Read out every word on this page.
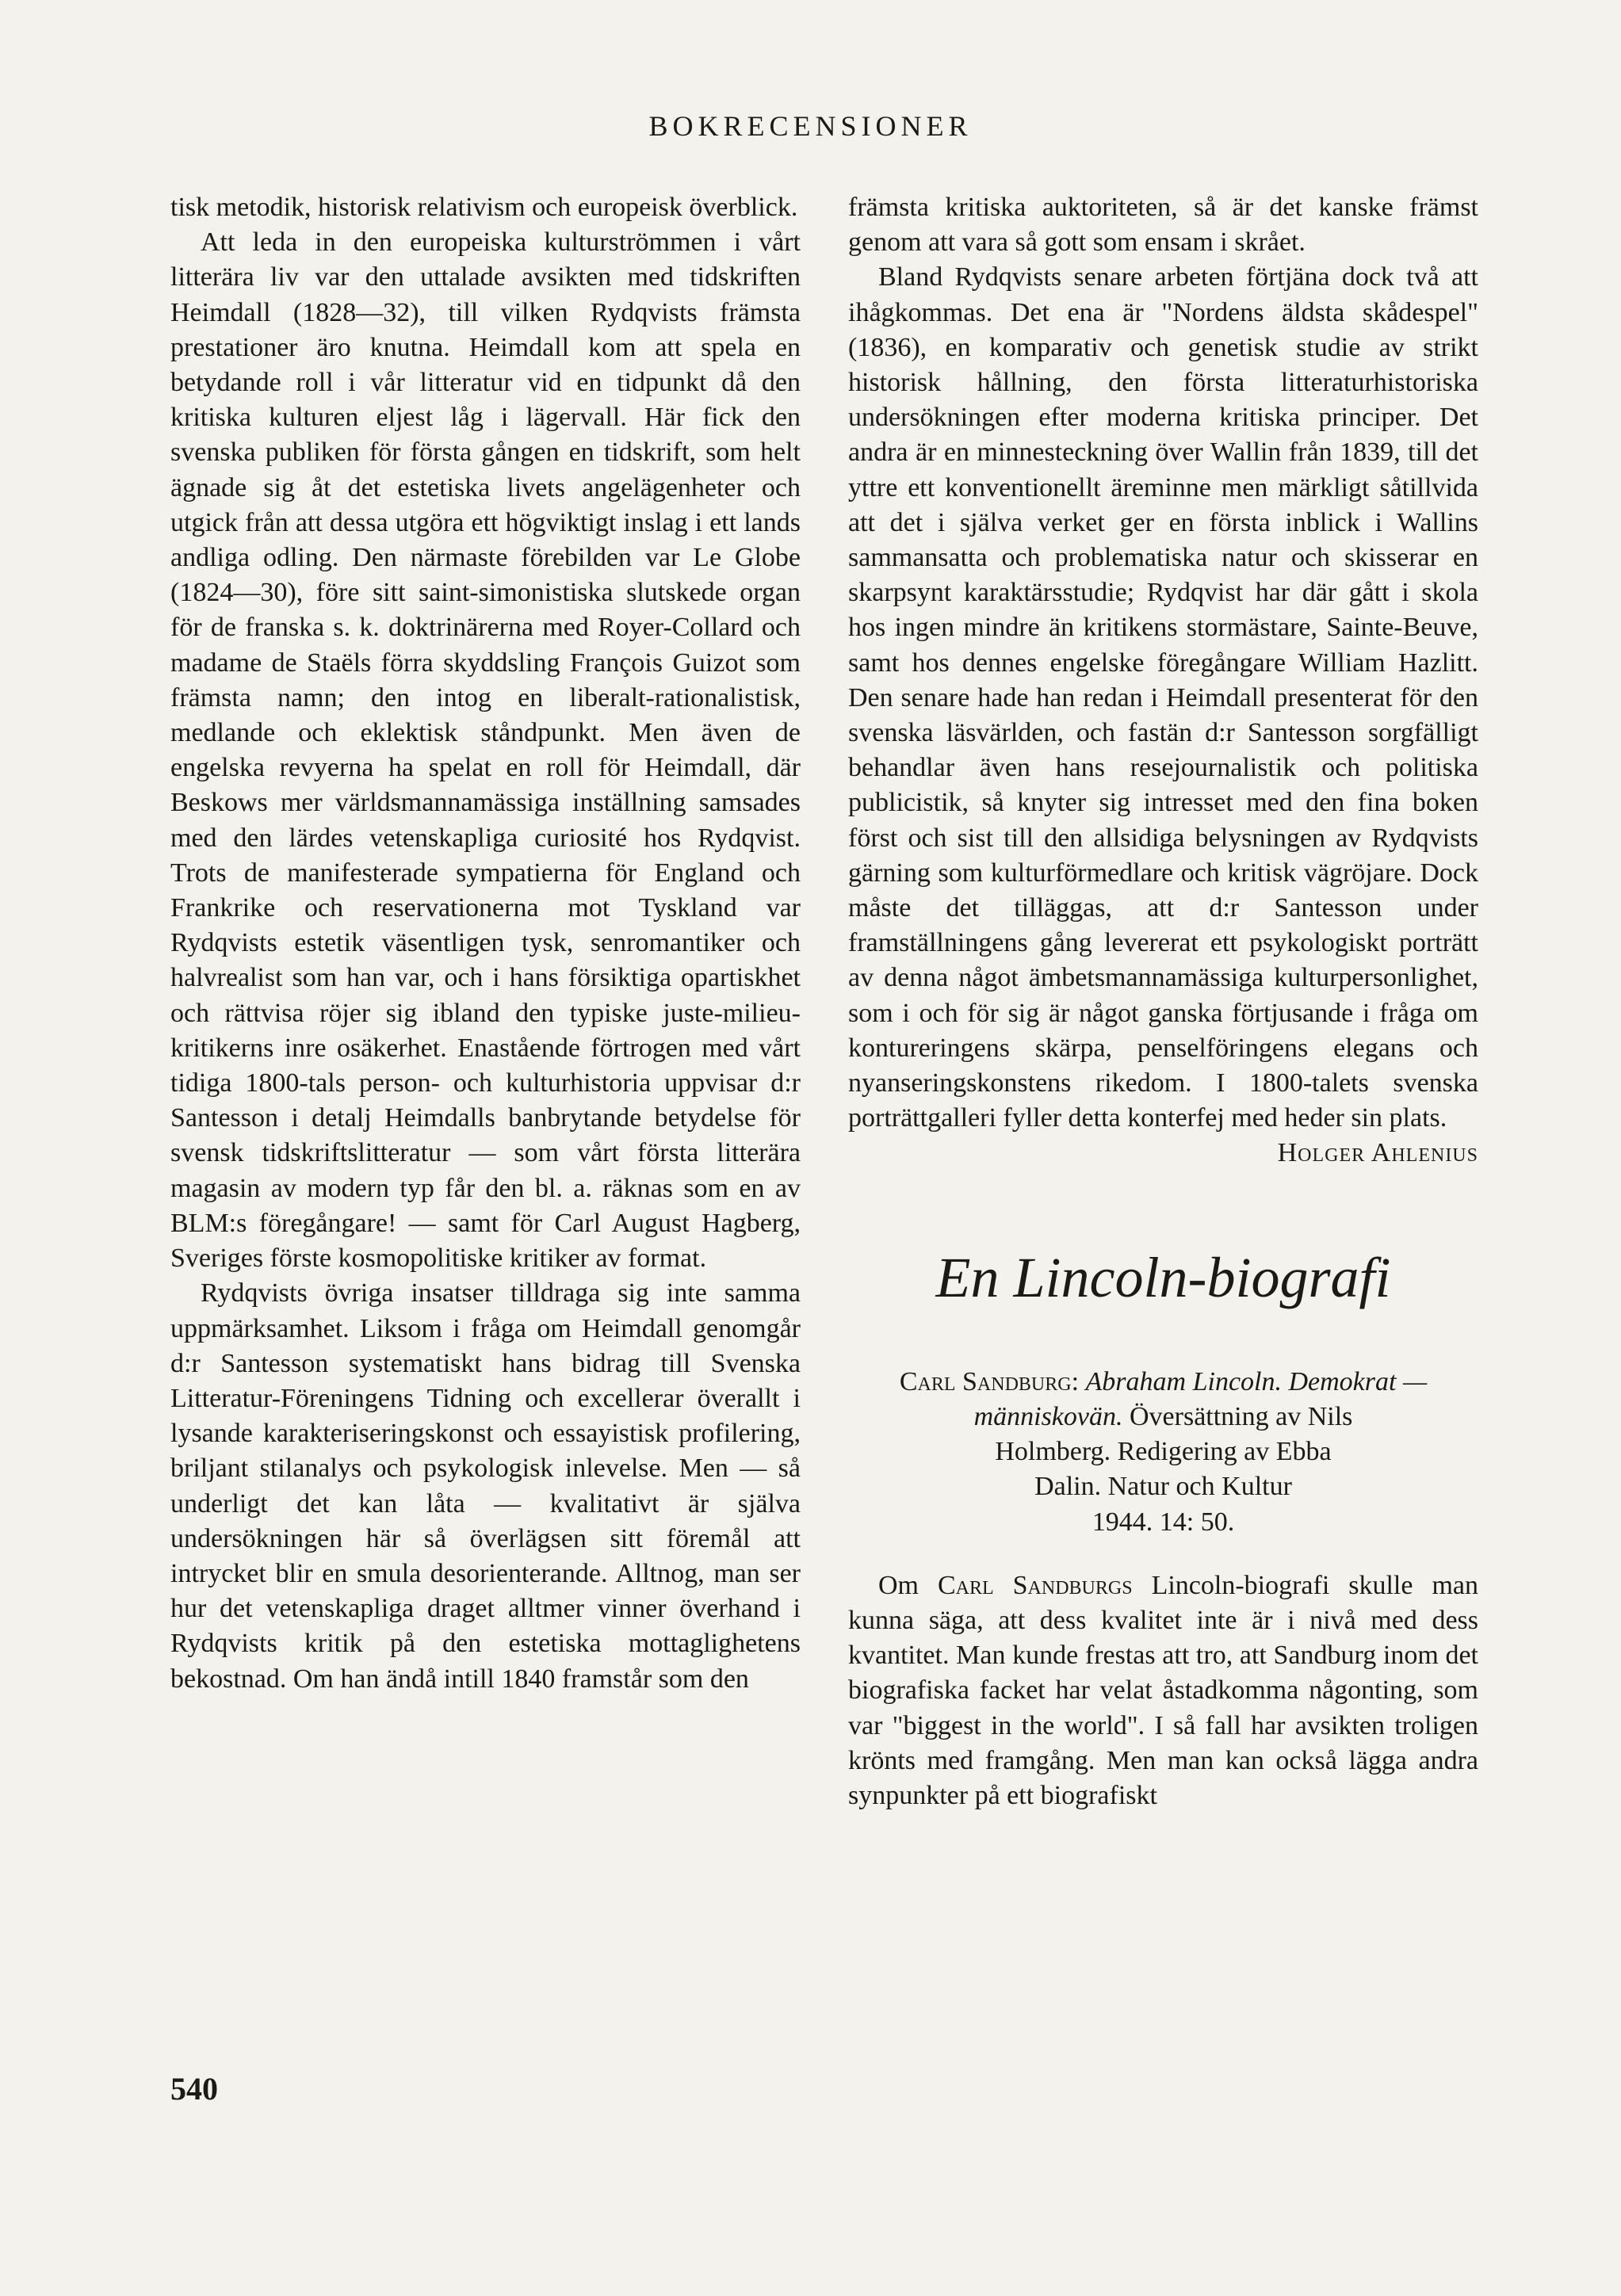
BOKRECENSIONER

tisk metodik, historisk relativism och europeisk överblick.

Att leda in den europeiska kulturströmmen i vårt litterära liv var den uttalade avsikten med tidskriften Heimdall (1828—32), till vilken Rydqvists främsta prestationer äro knutna. Heimdall kom att spela en betydande roll i vår litteratur vid en tidpunkt då den kritiska kulturen eljest låg i lägervall. Här fick den svenska publiken för första gången en tidskrift, som helt ägnade sig åt det estetiska livets angelägenheter och utgick från att dessa utgöra ett högviktigt inslag i ett lands andliga odling. Den närmaste förebilden var Le Globe (1824—30), före sitt saint-simonistiska slutskede organ för de franska s. k. doktrinärerna med Royer-Collard och madame de Staëls förra skyddsling François Guizot som främsta namn; den intog en liberalt-rationalistisk, medlande och eklektisk ståndpunkt. Men även de engelska revyerna ha spelat en roll för Heimdall, där Beskows mer världsmannamässiga inställning samsades med den lärdes vetenskapliga curiosité hos Rydqvist. Trots de manifesterade sympatierna för England och Frankrike och reservationerna mot Tyskland var Rydqvists estetik väsentligen tysk, senromantiker och halvrealist som han var, och i hans försiktiga opartiskhet och rättvisa röjer sig ibland den typiske juste-milieu-kritikerns inre osäkerhet. Enastående förtrogen med vårt tidiga 1800-tals person- och kulturhistoria uppvisar d:r Santesson i detalj Heimdalls banbrytande betydelse för svensk tidskriftslitteratur — som vårt första litterära magasin av modern typ får den bl. a. räknas som en av BLM:s föregångare! — samt för Carl August Hagberg, Sveriges förste kosmopolitiske kritiker av format.

Rydqvists övriga insatser tilldraga sig inte samma uppmärksamhet. Liksom i fråga om Heimdall genomgår d:r Santesson systematiskt hans bidrag till Svenska Litteratur-Föreningens Tidning och excellerar överallt i lysande karakteriseringskonst och essayistisk profilering, briljant stilanalys och psykologisk inlevelse. Men — så underligt det kan låta — kvalitativt är själva undersökningen här så överlägsen sitt föremål att intrycket blir en smula desorienterande. Alltnog, man ser hur det vetenskapliga draget alltmer vinner överhand i Rydqvists kritik på den estetiska mottaglighetens bekostnad. Om han ändå intill 1840 framstår som den

främsta kritiska auktoriteten, så är det kanske främst genom att vara så gott som ensam i skrået.

Bland Rydqvists senare arbeten förtjäna dock två att ihågkommas. Det ena är "Nordens äldsta skådespel" (1836), en komparativ och genetisk studie av strikt historisk hållning, den första litteraturhistoriska undersökningen efter moderna kritiska principer. Det andra är en minnesteckning över Wallin från 1839, till det yttre ett konventionellt äreminne men märkligt såtillvida att det i själva verket ger en första inblick i Wallins sammansatta och problematiska natur och skisserar en skarpsynt karaktärsstudie; Rydqvist har där gått i skola hos ingen mindre än kritikens stormästare, Sainte-Beuve, samt hos dennes engelske föregångare William Hazlitt. Den senare hade han redan i Heimdall presenterat för den svenska läsvärlden, och fastän d:r Santesson sorgfälligt behandlar även hans resejournalistik och politiska publicistik, så knyter sig intresset med den fina boken först och sist till den allsidiga belysningen av Rydqvists gärning som kulturförmedlare och kritisk vägröjare. Dock måste det tilläggas, att d:r Santesson under framställningens gång levererat ett psykologiskt porträtt av denna något ämbetsmannamässiga kulturpersonlighet, som i och för sig är något ganska förtjusande i fråga om kontureringens skärpa, penselföringens elegans och nyanseringskonstens rikedom. I 1800-talets svenska porträttgalleri fyller detta konterfej med heder sin plats.

Holger Ahlenius
En Lincoln-biografi
Carl Sandburg: Abraham Lincoln. Demokrat — människovän. Översättning av Nils
Holmberg. Redigering av Ebba
Dalin. Natur och Kultur
1944. 14: 50.

Om Carl Sandburgs Lincoln-biografi skulle man kunna säga, att dess kvalitet inte är i nivå med dess kvantitet. Man kunde frestas att tro, att Sandburg inom det biografiska facket har velat åstadkomma någonting, som var "biggest in the world". I så fall har avsikten troligen krönts med framgång. Men man kan också lägga andra synpunkter på ett biografiskt

540
